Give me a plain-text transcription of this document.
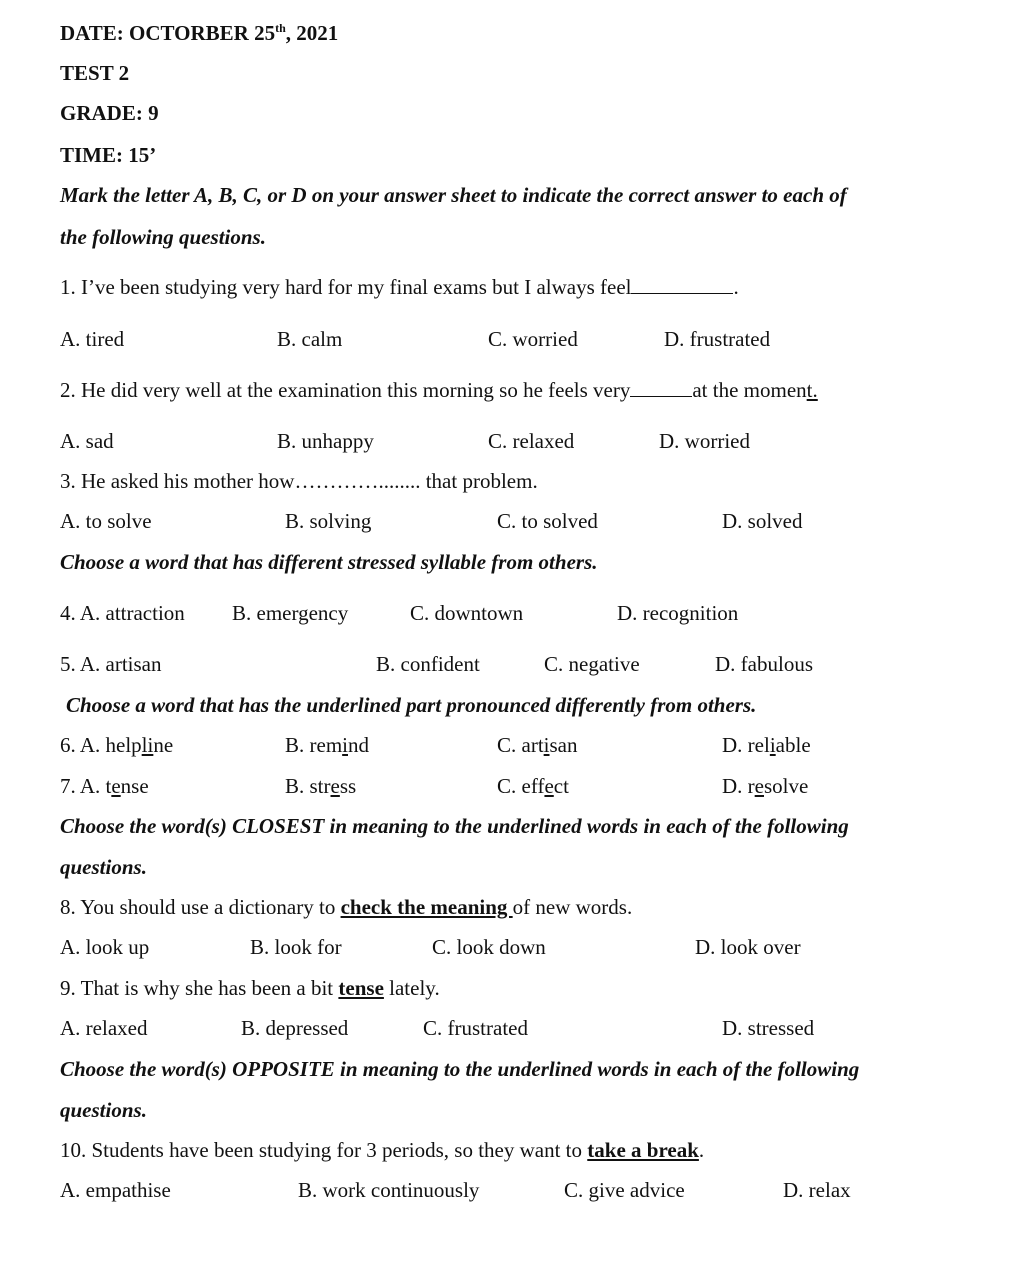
DATE: OCTORBER 25th, 2021
TEST 2
GRADE: 9
TIME: 15’
Mark the letter A, B, C, or D on your answer sheet to indicate the correct answer to each of
the following questions.
1. I’ve been studying very hard for my final exams but I always feel	.
A. tired	B. calm	C. worried	D. frustrated
2. He did very well at the examination this morning so he feels very	at the moment.
A. sad	B. unhappy	C. relaxed	D. worried
3. He asked his mother how…………........ that problem.
A. to solve	B. solving	C. to solved	D. solved
Choose a word that has different stressed syllable from others.
4. A. attraction B. emergency	C. downtown	D. recognition
5. A. artisan	B. confident	C. negative	D. fabulous
Choose a word that has the underlined part pronounced differently from others.
6. A. helpline	B. remind	C. artisan	D. reliable
7. A. tense	B. stress	C. effect	D. resolve
Choose the word(s) CLOSEST in meaning to the underlined words in each of the following
questions.
8. You should use a dictionary to check the meaning of new words.
A. look up	B. look for	C. look down	D. look over
9. That is why she has been a bit tense lately.
A. relaxed	B. depressed	C. frustrated	D. stressed
Choose the word(s) OPPOSITE in meaning to the underlined words in each of the following
questions.
10. Students have been studying for 3 periods, so they want to take a break.
A. empathise	B. work continuously	C. give advice	D. relax
